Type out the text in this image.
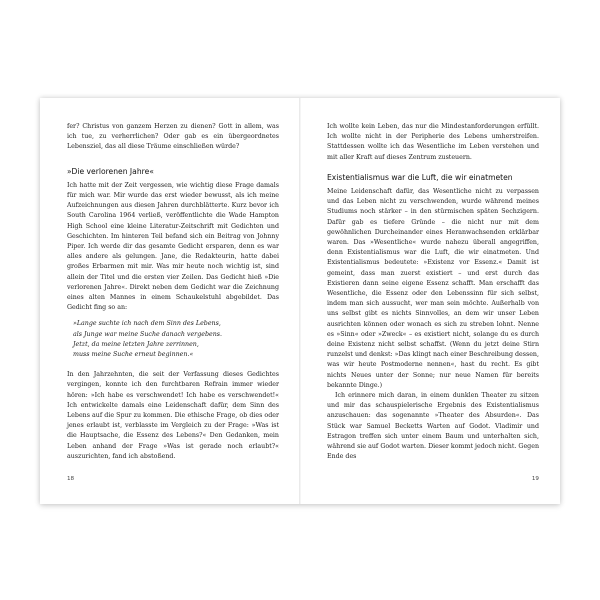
fer? Christus von ganzem Herzen zu dienen? Gott in allem, was ich tue, zu verherrlichen? Oder gab es ein übergeordnetes Lebensziel, das all diese Träume einschließen würde?

»Die verlorenen Jahre«

Ich hatte mit der Zeit vergessen, wie wichtig diese Frage damals für mich war. Mir wurde das erst wieder bewusst, als ich meine Aufzeichnungen aus diesen Jahren durchblätterte. Kurz bevor ich South Carolina 1964 verließ, veröffentlichte die Wade Hampton High School eine kleine Literatur-Zeitschrift mit Gedichten und Geschichten. Im hinteren Teil befand sich ein Beitrag von Johnny Piper. Ich werde dir das gesamte Gedicht ersparen, denn es war alles andere als gelungen. Jane, die Redakteurin, hatte dabei großes Erbarmen mit mir. Was mir heute noch wichtig ist, sind allein der Titel und die ersten vier Zeilen. Das Gedicht hieß »Die verlorenen Jahre«. Direkt neben dem Gedicht war die Zeichnung eines alten Mannes in einem Schaukelstuhl abgebildet. Das Gedicht fing so an:

»Lange suchte ich nach dem Sinn des Lebens,
als Junge war meine Suche danach vergebens.
Jetzt, da meine letzten Jahre zerrinnen,
muss meine Suche erneut beginnen.«

In den Jahrzehnten, die seit der Verfassung dieses Gedichtes vergingen, konnte ich den furchtbaren Refrain immer wieder hören: »Ich habe es verschwendet! Ich habe es verschwendet!« Ich entwickelte damals eine Leidenschaft dafür, dem Sinn des Lebens auf die Spur zu kommen. Die ethische Frage, ob dies oder jenes erlaubt ist, verblasste im Vergleich zu der Frage: »Was ist die Hauptsache, die Essenz des Lebens?« Den Gedanken, mein Leben anhand der Frage »Was ist gerade noch erlaubt?« auszurichten, fand ich abstoßend.

18

Ich wollte kein Leben, das nur die Mindestanforderungen erfüllt. Ich wollte nicht in der Peripherie des Lebens umherstreifen. Stattdessen wollte ich das Wesentliche im Leben verstehen und mit aller Kraft auf dieses Zentrum zusteuern.

Existentialismus war die Luft, die wir einatmeten

Meine Leidenschaft dafür, das Wesentliche nicht zu verpassen und das Leben nicht zu verschwenden, wurde während meines Studiums noch stärker – in den stürmischen späten Sechzigern. Dafür gab es tiefere Gründe – die nicht nur mit dem gewöhnlichen Durcheinander eines Heranwachsenden erklärbar waren. Das »Wesentliche« wurde nahezu überall angegriffen, denn Existentialismus war die Luft, die wir einatmeten. Und Existentialismus bedeutete: »Existenz vor Essenz.« Damit ist gemeint, dass man zuerst existiert – und erst durch das Existieren dann seine eigene Essenz schafft. Man erschafft das Wesentliche, die Essenz oder den Lebenssinn für sich selbst, indem man sich aussucht, wer man sein möchte. Außerhalb von uns selbst gibt es nichts Sinnvolles, an dem wir unser Leben ausrichten können oder wonach es sich zu streben lohnt. Nenne es »Sinn« oder »Zweck« – es existiert nicht, solange du es durch deine Existenz nicht selbst schaffst. (Wenn du jetzt deine Stirn runzelst und denkst: »Das klingt nach einer Beschreibung dessen, was wir heute Postmoderne nennen«, hast du recht. Es gibt nichts Neues unter der Sonne; nur neue Namen für bereits bekannte Dinge.)

Ich erinnere mich daran, in einem dunklen Theater zu sitzen und mir das schauspielerische Ergebnis des Existentialismus anzuschauen: das sogenannte »Theater des Absurden«. Das Stück war Samuel Becketts Warten auf Godot. Vladimir und Estragon treffen sich unter einem Baum und unterhalten sich, während sie auf Godot warten. Dieser kommt jedoch nicht. Gegen Ende des

19
